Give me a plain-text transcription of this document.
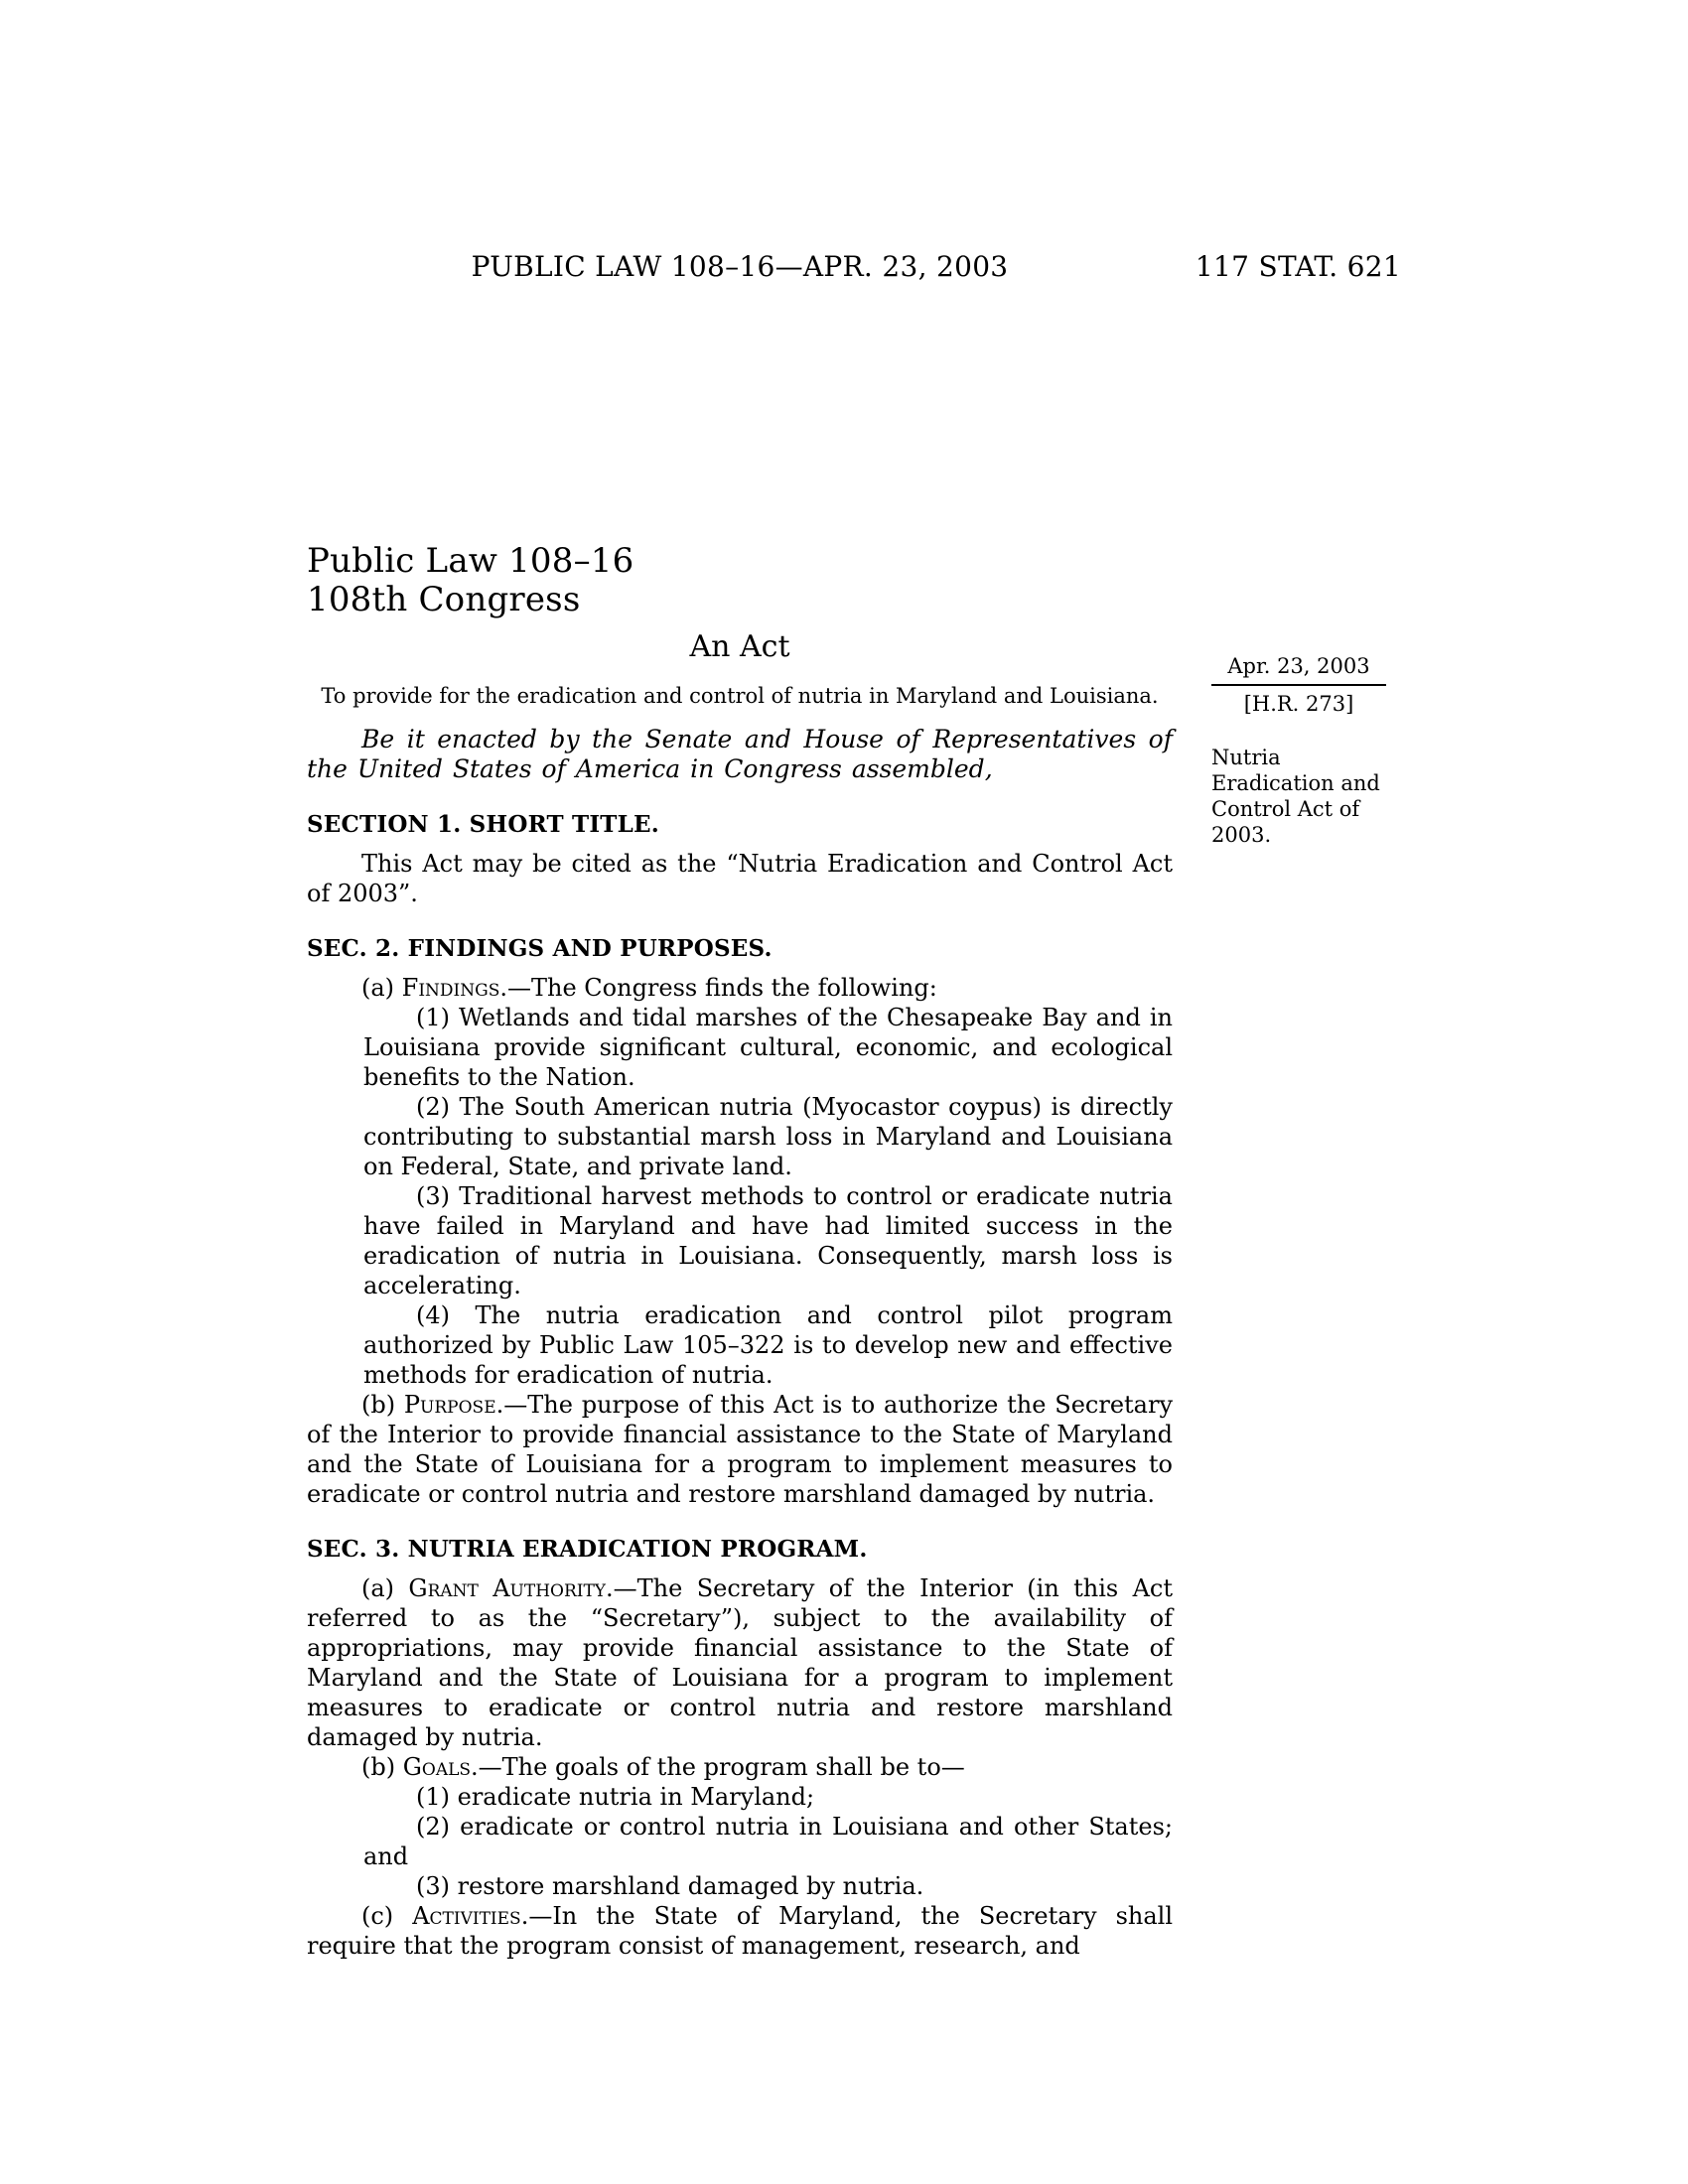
PUBLIC LAW 108–16—APR. 23, 2003	117 STAT. 621
Public Law 108–16
108th Congress
An Act
To provide for the eradication and control of nutria in Maryland and Louisiana.

Be it enacted by the Senate and House of Representatives of the United States of America in Congress assembled,

SECTION 1. SHORT TITLE.

This Act may be cited as the “Nutria Eradication and Control Act of 2003”.

SEC. 2. FINDINGS AND PURPOSES.

(a) Findings.—The Congress finds the following:

(1) Wetlands and tidal marshes of the Chesapeake Bay and in Louisiana provide significant cultural, economic, and ecological benefits to the Nation.

(2) The South American nutria (Myocastor coypus) is directly contributing to substantial marsh loss in Maryland and Louisiana on Federal, State, and private land.

(3) Traditional harvest methods to control or eradicate nutria have failed in Maryland and have had limited success in the eradication of nutria in Louisiana. Consequently, marsh loss is accelerating.

(4) The nutria eradication and control pilot program authorized by Public Law 105–322 is to develop new and effective methods for eradication of nutria.

(b) Purpose.—The purpose of this Act is to authorize the Secretary of the Interior to provide financial assistance to the State of Maryland and the State of Louisiana for a program to implement measures to eradicate or control nutria and restore marshland damaged by nutria.

SEC. 3. NUTRIA ERADICATION PROGRAM.

(a) Grant Authority.—The Secretary of the Interior (in this Act referred to as the “Secretary”), subject to the availability of appropriations, may provide financial assistance to the State of Maryland and the State of Louisiana for a program to implement measures to eradicate or control nutria and restore marshland damaged by nutria.

(b) Goals.—The goals of the program shall be to—

(1) eradicate nutria in Maryland;

(2) eradicate or control nutria in Louisiana and other States; and

(3) restore marshland damaged by nutria.

(c) Activities.—In the State of Maryland, the Secretary shall require that the program consist of management, research, and

Apr. 23, 2003
[H.R. 273]
Nutria Eradication and Control Act of 2003.
